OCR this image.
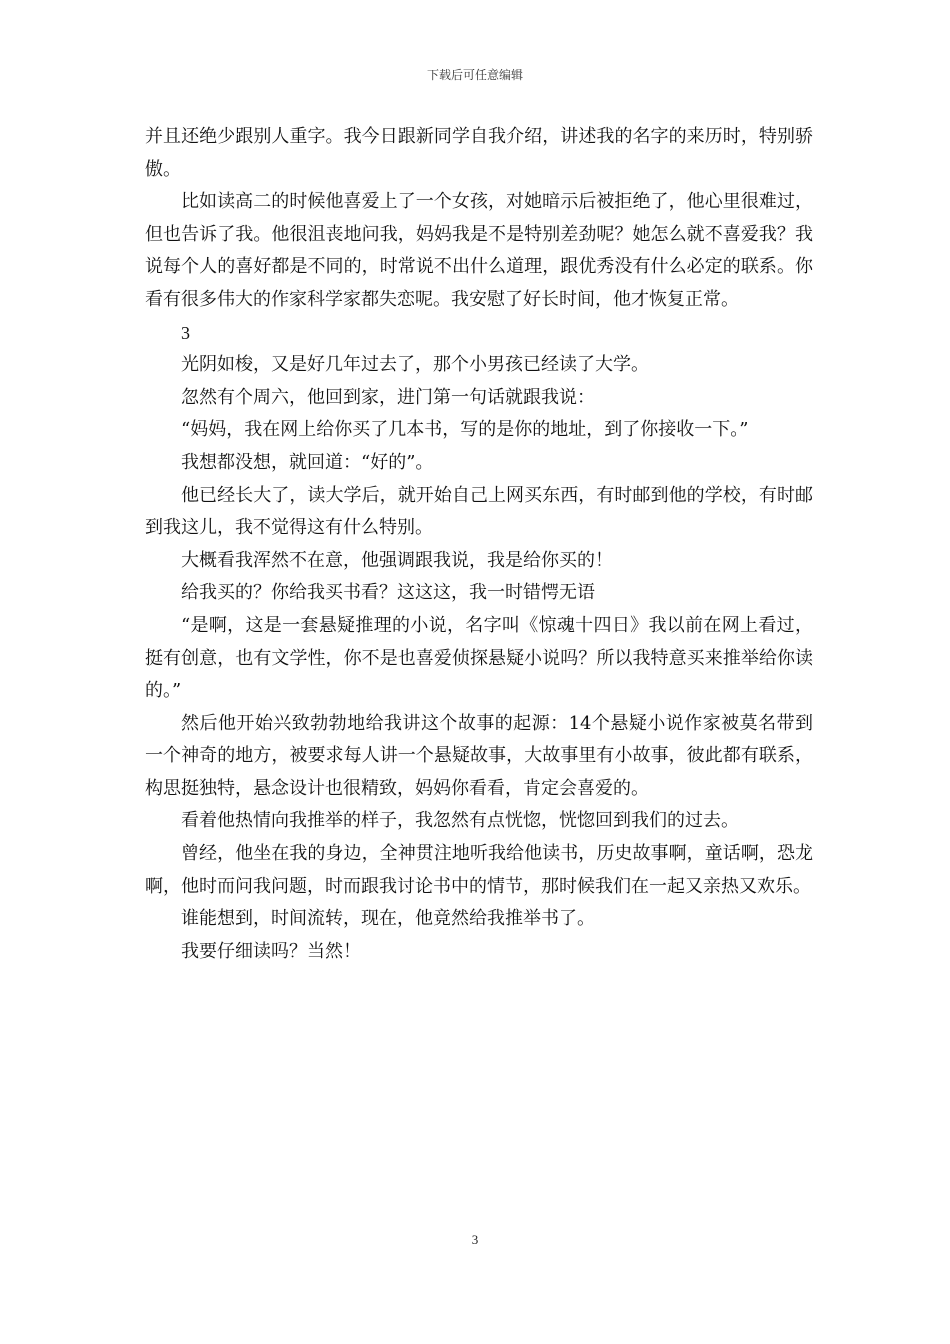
下载后可任意编辑

并且还绝少跟别人重字。我今日跟新同学自我介绍，讲述我的名字的来历时，特别骄傲。

比如读高二的时候他喜爱上了一个女孩，对她暗示后被拒绝了，他心里很难过，但也告诉了我。他很沮丧地问我，妈妈我是不是特别差劲呢？她怎么就不喜爱我？我说每个人的喜好都是不同的，时常说不出什么道理，跟优秀没有什么必定的联系。你看有很多伟大的作家科学家都失恋呢。我安慰了好长时间，他才恢复正常。

3

光阴如梭，又是好几年过去了，那个小男孩已经读了大学。

忽然有个周六，他回到家，进门第一句话就跟我说：

“妈妈，我在网上给你买了几本书，写的是你的地址，到了你接收一下。”

我想都没想，就回道：“好的”。

他已经长大了，读大学后，就开始自己上网买东西，有时邮到他的学校，有时邮到我这儿，我不觉得这有什么特别。

大概看我浑然不在意，他强调跟我说，我是给你买的！

给我买的？你给我买书看？这这这，我一时错愕无语

“是啊，这是一套悬疑推理的小说，名字叫《惊魂十四日》我以前在网上看过，挺有创意，也有文学性，你不是也喜爱侦探悬疑小说吗？所以我特意买来推举给你读的。”

然后他开始兴致勃勃地给我讲这个故事的起源：14个悬疑小说作家被莫名带到一个神奇的地方，被要求每人讲一个悬疑故事，大故事里有小故事，彼此都有联系，构思挺独特，悬念设计也很精致，妈妈你看看，肯定会喜爱的。

看着他热情向我推举的样子，我忽然有点恍惚，恍惚回到我们的过去。

曾经，他坐在我的身边，全神贯注地听我给他读书，历史故事啊，童话啊，恐龙啊，他时而问我问题，时而跟我讨论书中的情节，那时候我们在一起又亲热又欢乐。

谁能想到，时间流转，现在，他竟然给我推举书了。

我要仔细读吗？当然！

3
